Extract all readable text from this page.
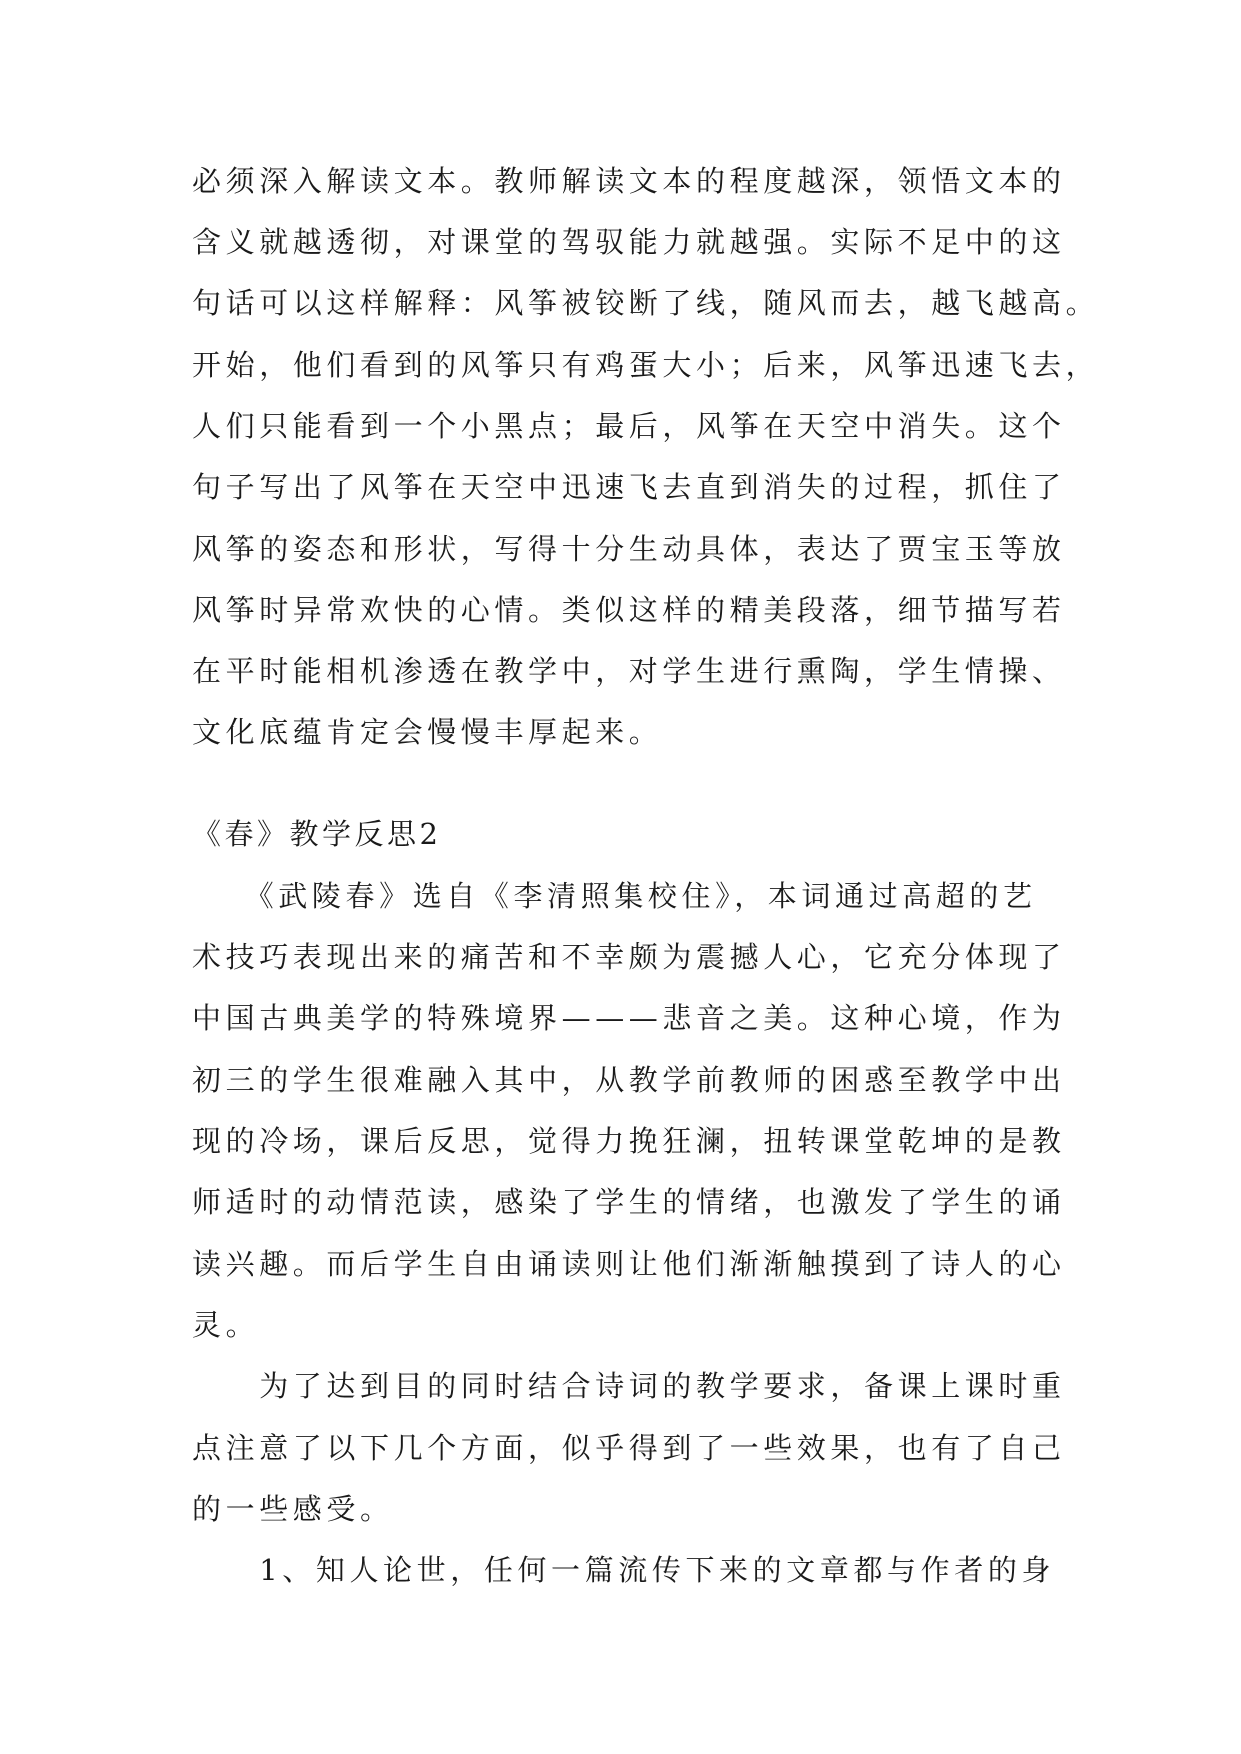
必须深入解读文本。教师解读文本的程度越深，领悟文本的

含义就越透彻，对课堂的驾驭能力就越强。实际不足中的这

句话可以这样解释：风筝被铰断了线，随风而去，越飞越高。

开始，他们看到的风筝只有鸡蛋大小；后来，风筝迅速飞去，

人们只能看到一个小黑点；最后，风筝在天空中消失。这个

句子写出了风筝在天空中迅速飞去直到消失的过程，抓住了

风筝的姿态和形状，写得十分生动具体，表达了贾宝玉等放

风筝时异常欢快的心情。类似这样的精美段落，细节描写若

在平时能相机渗透在教学中，对学生进行熏陶，学生情操、

文化底蕴肯定会慢慢丰厚起来。

《春》教学反思2

　　《武陵春》选自《李清照集校住》，本词通过高超的艺

术技巧表现出来的痛苦和不幸颇为震撼人心，它充分体现了

中国古典美学的特殊境界———悲音之美。这种心境，作为

初三的学生很难融入其中，从教学前教师的困惑至教学中出

现的冷场，课后反思，觉得力挽狂澜，扭转课堂乾坤的是教

师适时的动情范读，感染了学生的情绪，也激发了学生的诵

读兴趣。而后学生自由诵读则让他们渐渐触摸到了诗人的心

灵。

　　为了达到目的同时结合诗词的教学要求，备课上课时重

点注意了以下几个方面，似乎得到了一些效果，也有了自己

的一些感受。

　　1、知人论世，任何一篇流传下来的文章都与作者的身
